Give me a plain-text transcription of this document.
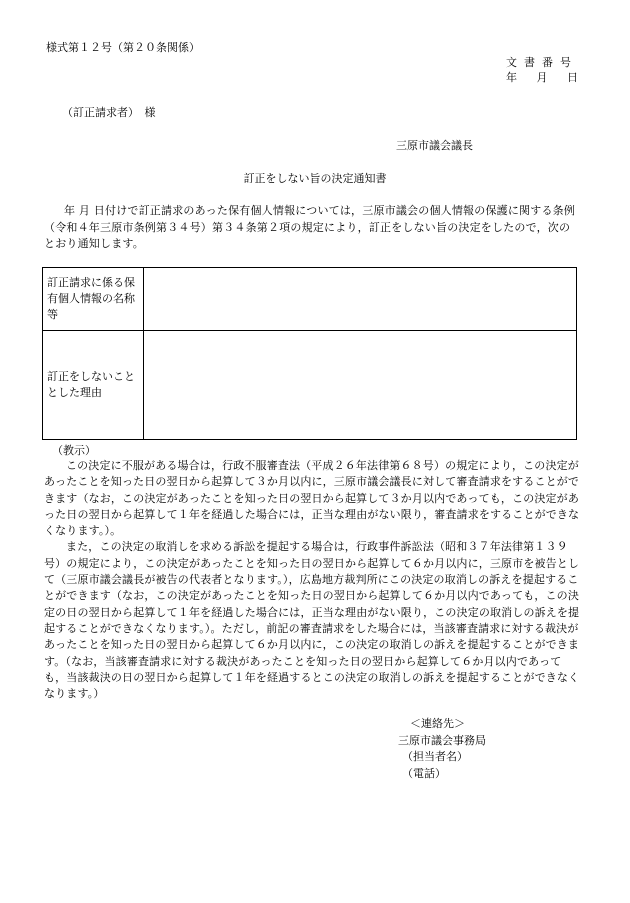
様式第１２号（第２０条関係）
文書番号
年 月 日
（訂正請求者）　様
三原市議会議長
訂正をしない旨の決定通知書
年 月 日付けで訂正請求のあった保有個人情報については，三原市議会の個人情報の保護に関する条例（令和４年三原市条例第３４号）第３４条第２項の規定により，訂正をしない旨の決定をしたので，次のとおり通知します。
訂正請求に係る保有個人情報の名称等	
訂正をしないこととした理由	
（教示）

この決定に不服がある場合は，行政不服審査法（平成２６年法律第６８号）の規定により，この決定があったことを知った日の翌日から起算して３か月以内に，三原市議会議長に対して審査請求をすることができます（なお，この決定があったことを知った日の翌日から起算して３か月以内であっても，この決定があった日の翌日から起算して１年を経過した場合には，正当な理由がない限り，審査請求をすることができなくなります。）。

また，この決定の取消しを求める訴訟を提起する場合は，行政事件訴訟法（昭和３７年法律第１３９号）の規定により，この決定があったことを知った日の翌日から起算して６か月以内に，三原市を被告として（三原市議会議長が被告の代表者となります。），広島地方裁判所にこの決定の取消しの訴えを提起することができます（なお，この決定があったことを知った日の翌日から起算して６か月以内であっても，この決定の日の翌日から起算して１年を経過した場合には，正当な理由がない限り，この決定の取消しの訴えを提起することができなくなります。）。ただし，前記の審査請求をした場合には，当該審査請求に対する裁決があったことを知った日の翌日から起算して６か月以内に，この決定の取消しの訴えを提起することができます。（なお，当該審査請求に対する裁決があったことを知った日の翌日から起算して６か月以内であっても，当該裁決の日の翌日から起算して１年を経過するとこの決定の取消しの訴えを提起することができなくなります。）

＜連絡先＞
三原市議会事務局
（担当者名）
（電話）
